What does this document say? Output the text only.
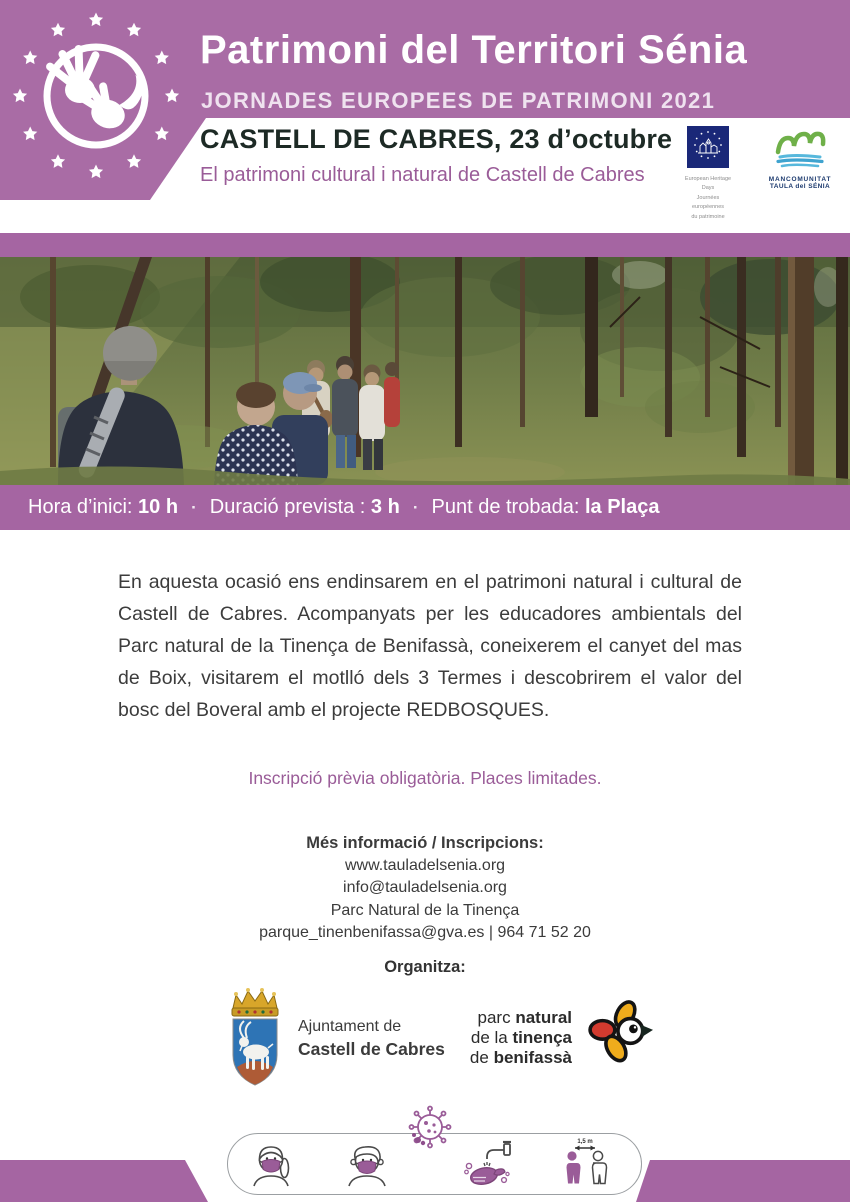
Patrimoni del Territori Sénia
JORNADES EUROPEES DE PATRIMONI 2021
CASTELL DE CABRES, 23 d’octubre
El patrimoni cultural i natural de Castell de Cabres	European Heritage Days
Journées européennes
du patrimoine
MANCOMUNITAT
TAULA del SÉNIA
Hora d’inici: 10 h · Duració prevista : 3 h · Punt de trobada: la Plaça
En aquesta ocasió ens endinsarem en el patrimoni natural i cultural de Castell de Cabres. Acompanyats per les educadores ambientals del Parc natural de la Tinença de Benifassà, coneixerem el canyet del mas de Boix, visitarem el motlló dels 3 Termes i descobrirem el valor del bosc del Boveral amb el projecte REDBOSQUES.
Inscripció prèvia obligatòria. Places limitades.
Més informació / Inscripcions:
www.tauladelsenia.org
info@tauladelsenia.org
Parc Natural de la Tinença
parque_tinenbenifassa@gva.es | 964 71 52 20
Organitza:
Ajuntament de
Castell de Cabres
parc natural
de la tinença
de benifassà
1,5 m
